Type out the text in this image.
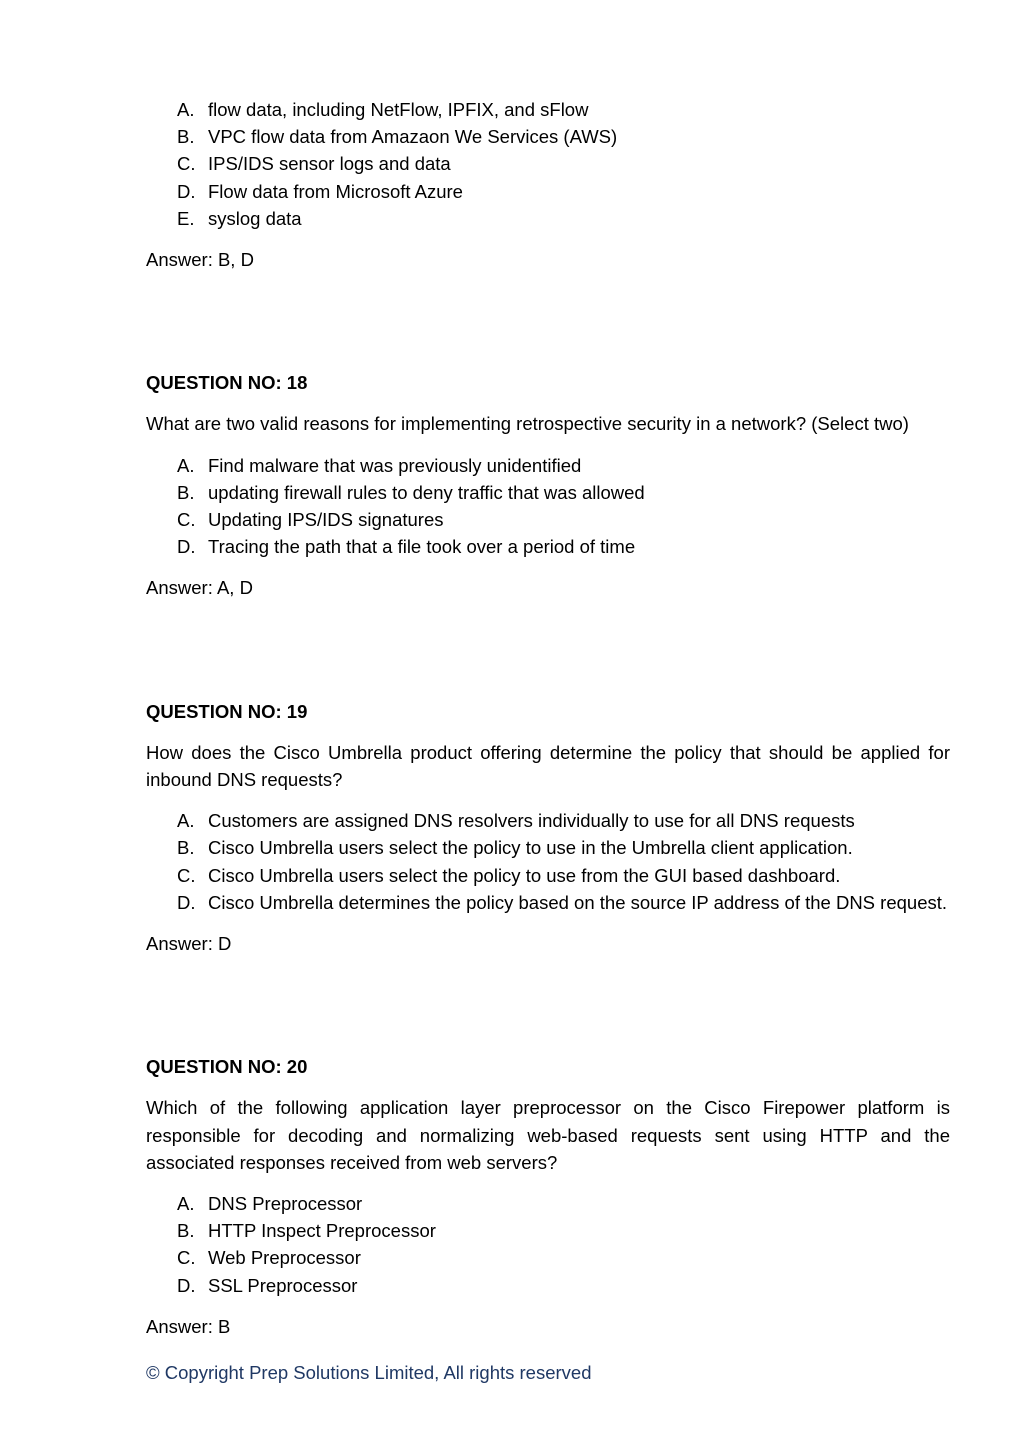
A. flow data, including NetFlow, IPFIX, and sFlow
B. VPC flow data from Amazaon We Services (AWS)
C. IPS/IDS sensor logs and data
D. Flow data from Microsoft Azure
E. syslog data

Answer: B, D

QUESTION NO: 18

What are two valid reasons for implementing retrospective security in a network? (Select two)

A. Find malware that was previously unidentified
B. updating firewall rules to deny traffic that was allowed
C. Updating IPS/IDS signatures
D. Tracing the path that a file took over a period of time

Answer: A, D

QUESTION NO: 19

How does the Cisco Umbrella product offering determine the policy that should be applied for inbound DNS requests?

A. Customers are assigned DNS resolvers individually to use for all DNS requests
B. Cisco Umbrella users select the policy to use in the Umbrella client application.
C. Cisco Umbrella users select the policy to use from the GUI based dashboard.
D. Cisco Umbrella determines the policy based on the source IP address of the DNS request.

Answer: D

QUESTION NO: 20

Which of the following application layer preprocessor on the Cisco Firepower platform is responsible for decoding and normalizing web-based requests sent using HTTP and the associated responses received from web servers?

A. DNS Preprocessor
B. HTTP Inspect Preprocessor
C. Web Preprocessor
D. SSL Preprocessor

Answer: B

© Copyright Prep Solutions Limited, All rights reserved
